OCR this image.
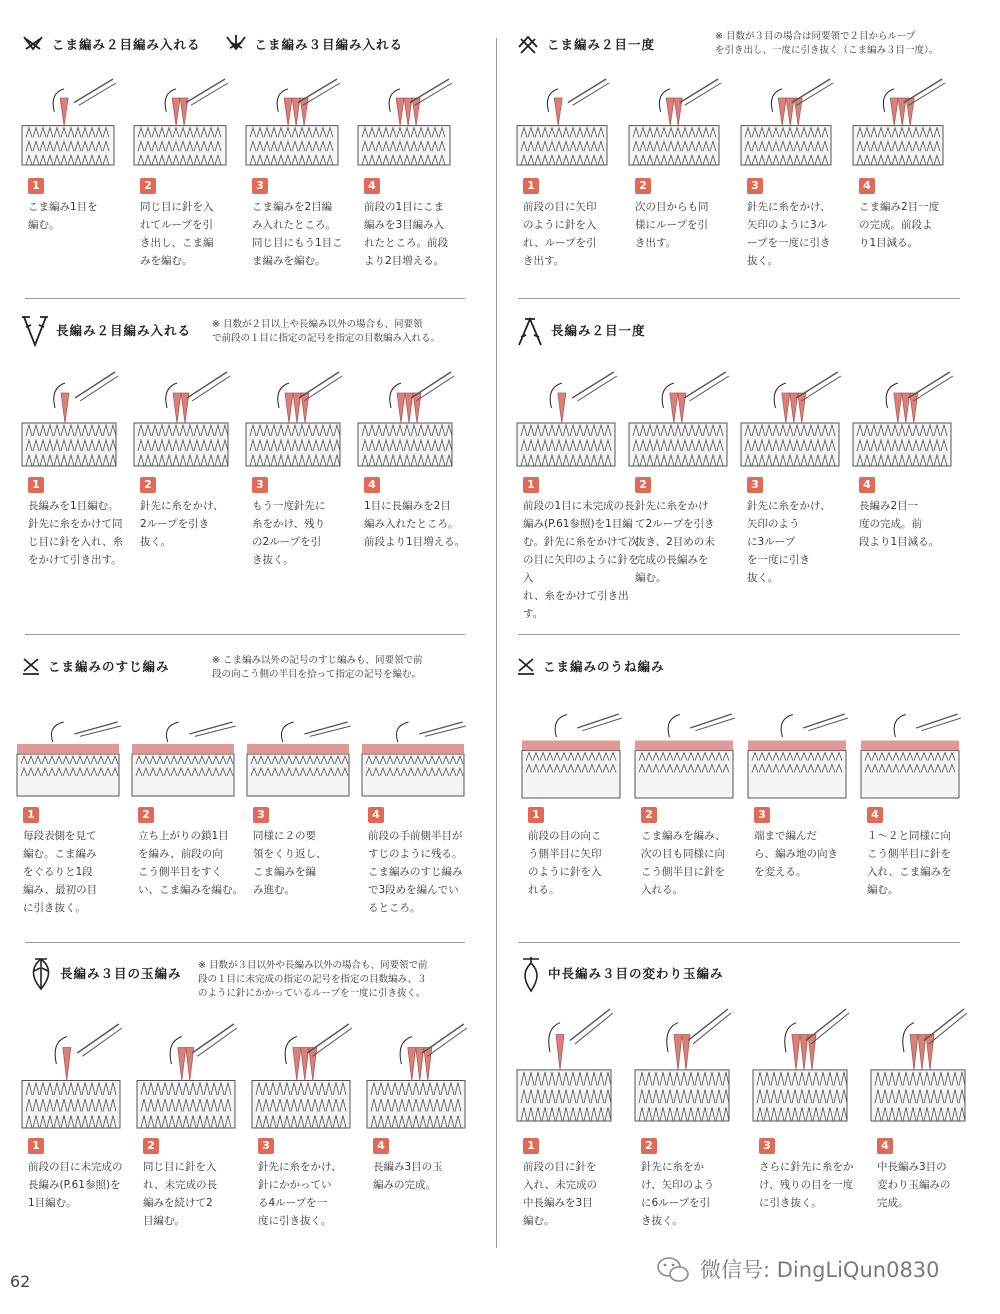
こま編み２目編み入れる	こま編み３目編み入れる	こま編み２目一度
※ 目数が３目の場合は同要領で２目からループ
を引き出し、一度に引き抜く（こま編み３目一度）。
長編み２目編み入れる ※ 目数が２目以上や長編み以外の場合も、同要領
で前段の１目に指定の記号を指定の目数編み入れる。
長編み２目一度
こま編みのすじ編み	※ こま編み以外の記号のすじ編みも、同要領で前
段の向こう側の半目を拾って指定の記号を編む。
こま編みのうね編み
長編み３目の玉編み
※ 目数が３目以外や長編み以外の場合も、同要領で前
段の１目に未完成の指定の記号を指定の目数編み、３
のように針にかかっているループを一度に引き抜く。
中長編み３目の変わり玉編み
1
こま編み1目を
編む。
2
同じ目に針を入
れてループを引
き出し、こま編
みを編む。
3
こま編みを2目編
み入れたところ。
同じ目にもう1目こ
ま編みを編む。
4
前段の1目にこま
編みを3目編み入
れたところ。前段
より2目増える。
1
前段の目に矢印
のように針を入
れ、ループを引
き出す。
2
次の目からも同
様にループを引
き出す。
3
針先に糸をかけ、
矢印のように3ル
ープを一度に引き
抜く。
4
こま編み2目一度
の完成。前段よ
り1目減る。
1
長編みを1目編む。
針先に糸をかけて同
じ目に針を入れ、糸
をかけて引き出す。
2
針先に糸をかけ、
2ループを引き
抜く。
3
もう一度針先に
糸をかけ、残り
の2ループを引
き抜く。
4
1目に長編みを2目
編み入れたところ。
前段より1目増える。
1
前段の1目に未完成の長
編み(P.61参照)を1目編
む。針先に糸をかけて次
の目に矢印のように針を入
れ、糸をかけて引き出す。
2
針先に糸をかけ
て2ループを引き
抜き、2目めの未
完成の長編みを
編む。
3
針先に糸をかけ、
矢印のよう
に3ループ
を一度に引き
抜く。
4
長編み2目一
度の完成。前
段より1目減る。
1
毎段表側を見て
編む。こま編み
をぐるりと1段
編み、最初の目
に引き抜く。
2
立ち上がりの鎖1目
を編み、前段の向
こう側半目をすく
い、こま編みを編む。
3
同様に２の要
領をくり返し、
こま編みを編
み進む。
4
前段の手前側半目が
すじのように残る。
こま編みのすじ編み
で3段めを編んでい
るところ。
1
前段の目の向こ
う側半目に矢印
のように針を入
れる。
2
こま編みを編み、
次の目も同様に向
こう側半目に針を
入れる。
3
端まで編んだ
ら、編み地の向き
を変える。
4
１～２と同様に向
こう側半目に針を
入れ、こま編みを
編む。
1
前段の目に未完成の
長編み(P.61参照)を
1目編む。
2
同じ目に針を入
れ、未完成の長
編みを続けて2
目編む。
3
針先に糸をかけ、
針にかかってい
る4ループを一
度に引き抜く。
4
長編み3目の玉
編みの完成。
1
前段の目に針を
入れ、未完成の
中長編みを3目
編む。
2
針先に糸をか
け、矢印のよう
に6ループを引
き抜く。
3
さらに針先に糸をか
け、残りの目を一度
に引き抜く。
4
中長編み3目の
変わり玉編みの
完成。
62	微信号: DingLiQun0830
